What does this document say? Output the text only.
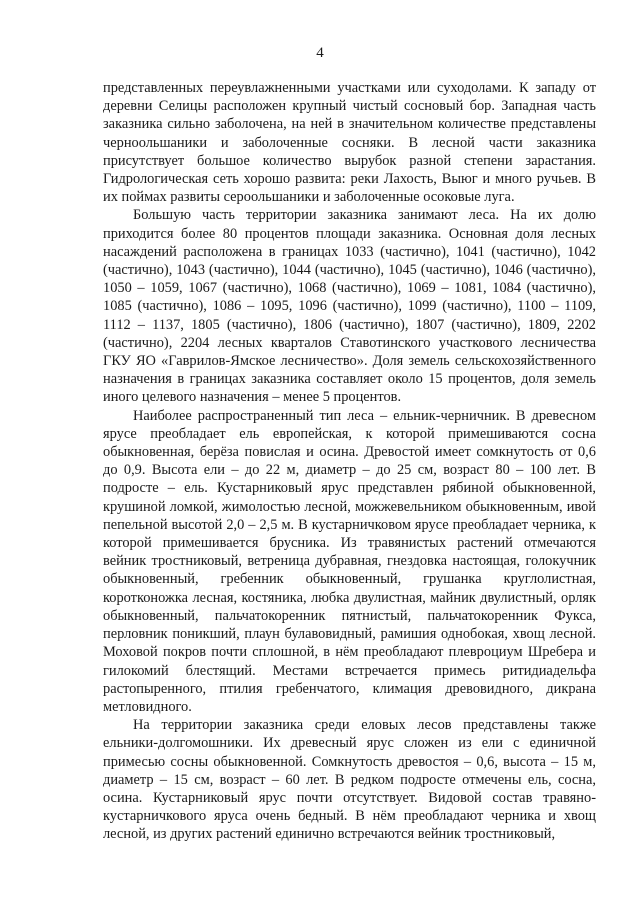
4

представленных переувлажненными участками или суходолами. К западу от деревни Селицы расположен крупный чистый сосновый бор. Западная часть заказника сильно заболочена, на ней в значительном количестве представлены черноольшаники и заболоченные сосняки. В лесной части заказника присутствует большое количество вырубок разной степени зарастания. Гидрологическая сеть хорошо развита: реки Лахость, Выюг и много ручьев. В их поймах развиты сероольшаники и заболоченные осоковые луга.

Большую часть территории заказника занимают леса. На их долю приходится более 80 процентов площади заказника. Основная доля лесных насаждений расположена в границах 1033 (частично), 1041 (частично), 1042 (частично), 1043 (частично), 1044 (частично), 1045 (частично), 1046 (частично), 1050 – 1059, 1067 (частично), 1068 (частично), 1069 – 1081, 1084 (частично), 1085 (частично), 1086 – 1095, 1096 (частично), 1099 (частично), 1100 – 1109, 1112 – 1137, 1805 (частично), 1806 (частично), 1807 (частично), 1809, 2202 (частично), 2204 лесных кварталов Ставотинского участкового лесничества ГКУ ЯО «Гаврилов-Ямское лесничество». Доля земель сельскохозяйственного назначения в границах заказника составляет около 15 процентов, доля земель иного целевого назначения – менее 5 процентов.

Наиболее распространенный тип леса – ельник-черничник. В древесном ярусе преобладает ель европейская, к которой примешиваются сосна обыкновенная, берёза повислая и осина. Древостой имеет сомкнутость от 0,6 до 0,9. Высота ели – до 22 м, диаметр – до 25 см, возраст 80 – 100 лет. В подросте – ель. Кустарниковый ярус представлен рябиной обыкновенной, крушиной ломкой, жимолостью лесной, можжевельником обыкновенным, ивой пепельной высотой 2,0 – 2,5 м. В кустарничковом ярусе преобладает черника, к которой примешивается брусника. Из травянистых растений отмечаются вейник тростниковый, ветреница дубравная, гнездовка настоящая, голокучник обыкновенный, гребенник обыкновенный, грушанка круглолистная, коротконожка лесная, костяника, любка двулистная, майник двулистный, орляк обыкновенный, пальчатокоренник пятнистый, пальчатокоренник Фукса, перловник поникший, плаун булавовидный, рамишия однобокая, хвощ лесной. Моховой покров почти сплошной, в нём преобладают плевроциум Шребера и гилокомий блестящий. Местами встречается примесь ритидиадельфа растопыренного, птилия гребенчатого, климация древовидного, дикрана метловидного.

На территории заказника среди еловых лесов представлены также ельники-долгомошники. Их древесный ярус сложен из ели с единичной примесью сосны обыкновенной. Сомкнутость древостоя – 0,6, высота – 15 м, диаметр – 15 см, возраст – 60 лет. В редком подросте отмечены ель, сосна, осина. Кустарниковый ярус почти отсутствует. Видовой состав травяно-кустарничкового яруса очень бедный. В нём преобладают черника и хвощ лесной, из других растений единично встречаются вейник тростниковый,
